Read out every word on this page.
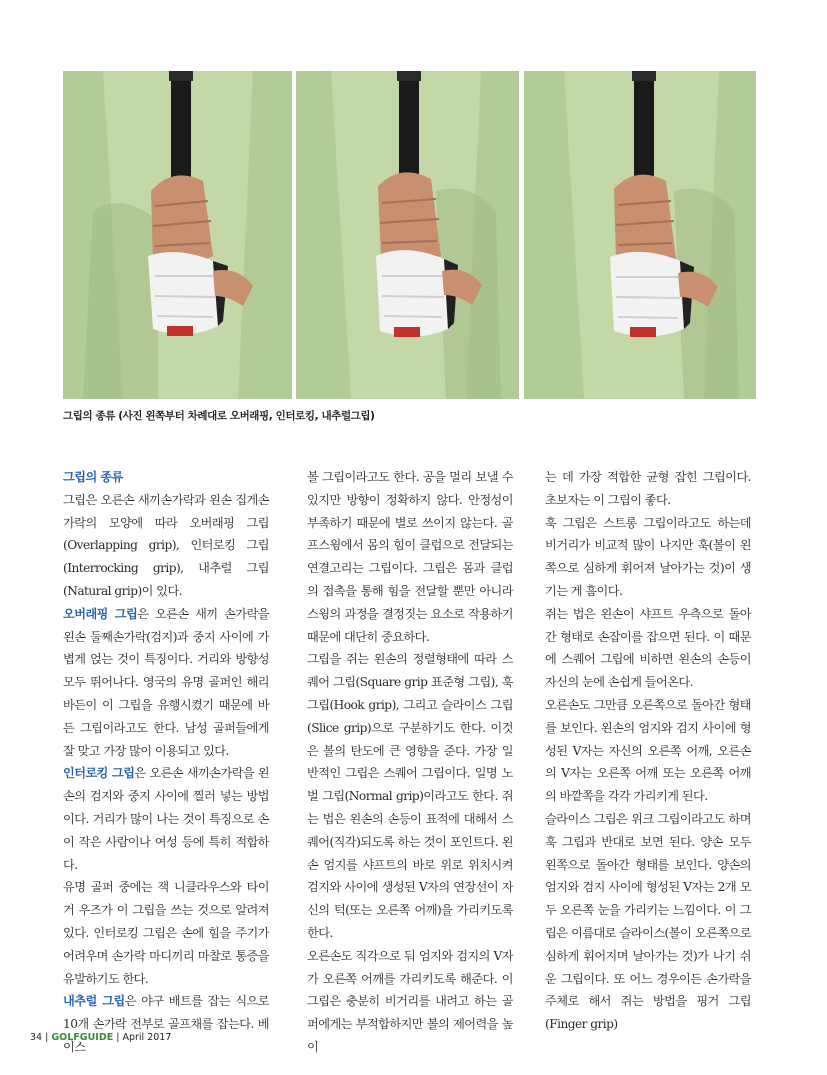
그립의 종류 (사진 왼쪽부터 차례대로 오버래핑, 인터로킹, 내추럴그립)

그립의 종류

그립은 오른손 새끼손가락과 왼손 집게손가락의 모양에 따라 오버래핑 그립(Overlapping grip), 인터로킹 그립(Interrocking grip), 내추럴 그립(Natural grip)이 있다.

오버래핑 그립은 오른손 새끼 손가락을 왼손 둘째손가락(검지)과 중지 사이에 가볍게 얹는 것이 특징이다. 거리와 방향성 모두 뛰어나다. 영국의 유명 골퍼인 해리 바든이 이 그립을 유행시켰기 때문에 바든 그립이라고도 한다. 남성 골퍼들에게 잘 맞고 가장 많이 이용되고 있다.

인터로킹 그립은 오른손 새끼손가락을 왼손의 검지와 중지 사이에 찔러 넣는 방법이다. 거리가 많이 나는 것이 특징으로 손이 작은 사람이나 여성 등에 특히 적합하다.

유명 골퍼 중에는 잭 니클라우스와 타이거 우즈가 이 그립을 쓰는 것으로 알려져 있다. 인터로킹 그립은 손에 힘을 주기가 어려우며 손가락 마디끼리 마찰로 통증을 유발하기도 한다.

내추럴 그립은 야구 배트를 잡는 식으로 10개 손가락 전부로 골프채를 잡는다. 베이스

볼 그립이라고도 한다. 공을 멀리 보낼 수 있지만 방향이 정확하지 않다. 안정성이 부족하기 때문에 별로 쓰이지 않는다. 골프스윙에서 몸의 힘이 클럽으로 전달되는 연결고리는 그립이다. 그립은 몸과 클럽의 접촉을 통해 힘을 전달할 뿐만 아니라 스윙의 과정을 결정짓는 요소로 작용하기 때문에 대단히 중요하다.

그립을 쥐는 왼손의 정렬형태에 따라 스퀘어 그립(Square grip 표준형 그립), 훅 그립(Hook grip), 그리고 슬라이스 그립(Slice grip)으로 구분하기도 한다. 이것은 볼의 탄도에 큰 영향을 준다. 가장 일반적인 그립은 스퀘어 그립이다. 일명 노벌 그립(Normal grip)이라고도 한다. 쥐는 법은 왼손의 손등이 표적에 대해서 스퀘어(직각)되도록 하는 것이 포인트다. 왼손 엄지를 샤프트의 바로 위로 위치시켜 검지와 사이에 생성된 V자의 연장선이 자신의 턱(또는 오른쪽 어깨)을 가리키도록 한다.

오른손도 직각으로 둬 엄지와 검지의 V자가 오른쪽 어깨를 가리키도록 해준다. 이 그립은 충분히 비거리를 내려고 하는 골퍼에게는 부적합하지만 볼의 제어력을 높이

는 데 가장 적합한 균형 잡힌 그립이다. 초보자는 이 그립이 좋다.

훅 그립은 스트롱 그립이라고도 하는데 비거리가 비교적 많이 나지만 훅(볼이 왼쪽으로 심하게 휘어져 날아가는 것)이 생기는 게 흠이다.

쥐는 법은 왼손이 샤프트 우측으로 돌아간 형태로 손잡이를 잡으면 된다. 이 때문에 스퀘어 그립에 비하면 왼손의 손등이 자신의 눈에 손쉽게 들어온다.

오른손도 그만큼 오른쪽으로 돌아간 형태를 보인다. 왼손의 엄지와 검지 사이에 형성된 V자는 자신의 오른쪽 어깨, 오른손의 V자는 오른쪽 어깨 또는 오른쪽 어깨의 바깥쪽을 각각 가리키게 된다.

슬라이스 그립은 위크 그립이라고도 하며 훅 그립과 반대로 보면 된다. 양손 모두 왼쪽으로 돌아간 형태를 보인다. 양손의 엄지와 검지 사이에 형성된 V자는 2개 모두 오른쪽 눈을 가리키는 느낌이다. 이 그립은 이름대로 슬라이스(볼이 오른쪽으로 심하게 휘어지며 날아가는 것)가 나기 쉬운 그립이다. 또 어느 경우이든 손가락을 주체로 해서 쥐는 방법을 핑거 그립(Finger grip)

34 | GOLFGUIDE | April 2017
